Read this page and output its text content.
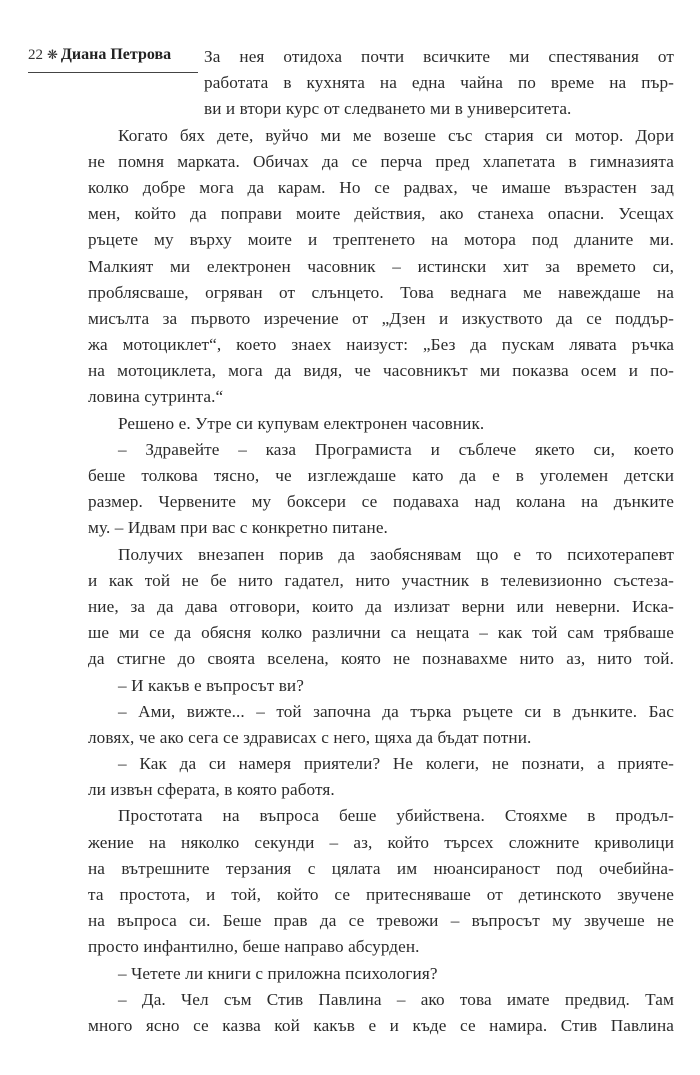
22 ❋ Диана Петрова	За нея отидоха почти всичките ми спестявания от
работата в кухнята на една чайна по време на пър-
ви и втори курс от следването ми в университета.
Когато бях дете, вуйчо ми ме возеше със стария си мотор. Дори
не помня марката. Обичах да се перча пред хлапетата в гимназията
колко добре мога да карам. Но се радвах, че имаше възрастен зад
мен, който да поправи моите действия, ако станеха опасни. Усещах
ръцете му върху моите и трептенето на мотора под дланите ми.
Малкият ми електронен часовник – истински хит за времето си,
проблясваше, огряван от слънцето. Това веднага ме навеждаше на
мисълта за първото изречение от „Дзен и изкуството да се поддър-
жа мотоциклет“, което знаех наизуст: „Без да пускам лявата ръчка
на мотоциклета, мога да видя, че часовникът ми показва осем и по-
ловина сутринта.“
Решено е. Утре си купувам електронен часовник.
– Здравейте – каза Програмиста и съблече якето си, което
беше толкова тясно, че изглеждаше като да е в уголемен детски
размер. Червените му боксери се подаваха над колана на дънките
му. – Идвам при вас с конкретно питане.
Получих внезапен порив да заобяснявам що е то психотерапевт
и как той не бе нито гадател, нито участник в телевизионно състеза-
ние, за да дава отговори, които да излизат верни или неверни. Иска-
ше ми се да обясня колко различни са нещата – как той сам трябваше
да стигне до своята вселена, която не познавахме нито аз, нито той.
– И какъв е въпросът ви?
– Ами, вижте... – той започна да търка ръцете си в дънките. Бас
ловях, че ако сега се здрависах с него, щяха да бъдат потни.
– Как да си намеря приятели? Не колеги, не познати, а прияте-
ли извън сферата, в която работя.
Простотата на въпроса беше убийствена. Стояхме в продъл-
жение на няколко секунди – аз, който търсех сложните криволици
на вътрешните терзания с цялата им нюансираност под очебийна-
та простота, и той, който се притесняваше от детинското звучене
на въпроса си. Беше прав да се тревожи – въпросът му звучеше не
просто инфантилно, беше направо абсурден.
– Четете ли книги с приложна психология?
– Да. Чел съм Стив Павлина – ако това имате предвид. Там
много ясно се казва кой какъв е и къде се намира. Стив Павлина
